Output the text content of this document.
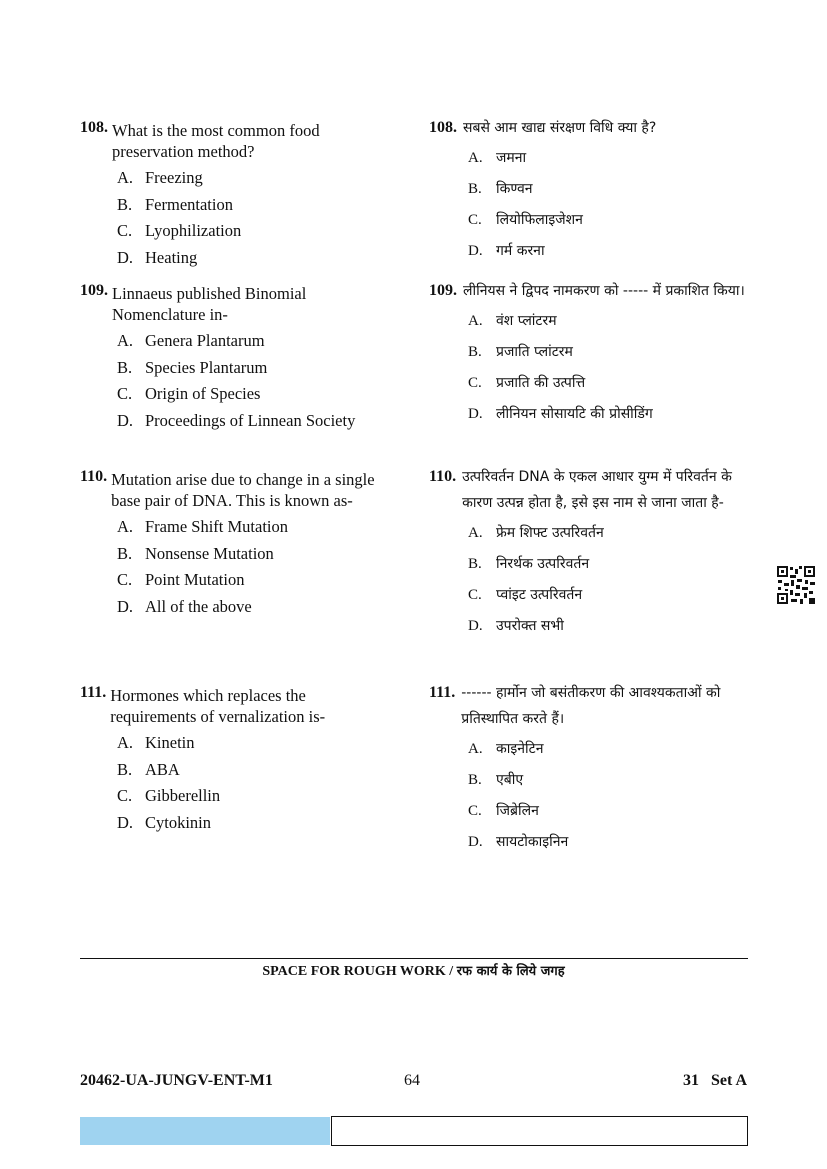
108. What is the most common food preservation method?
A. Freezing
B. Fermentation
C. Lyophilization
D. Heating
108. सबसे आम खाद्य संरक्षण विधि क्या है?
A. जमना
B.	किण्वन
C.	लियोफिलाइजेशन
D. गर्म करना
109. Linnaeus published Binomial Nomenclature in-
A. Genera Plantarum
B. Species Plantarum
C. Origin of Species
D. Proceedings of Linnean Society
109. लीनियस ने द्विपद नामकरण को ----- में प्रकाशित किया।
A. वंश प्लांटरम
B.	प्रजाति प्लांटरम
C.	प्रजाति की उत्पत्ति
D. लीनियन सोसायटि की प्रोसीडिंग
110. Mutation arise due to change in a single base pair of DNA. This is known as-
A. Frame Shift Mutation
B. Nonsense Mutation
C. Point Mutation
D. All of the above
110. उत्परिवर्तन DNA के एकल आधार युग्म में परिवर्तन के कारण उत्पन्न होता है, इसे इस नाम से जाना जाता है-
A. फ्रेम शिफ्ट उत्परिवर्तन
B.	निरर्थक उत्परिवर्तन
C.	प्वांइट उत्परिवर्तन
D. उपरोक्त सभी
111. Hormones which replaces the requirements of vernalization is-
A. Kinetin
B. ABA
C. Gibberellin
D. Cytokinin
111. ------ हार्मोन जो बसंतीकरण की आवश्यकताओं को प्रतिस्थापित करते हैं।
A. काइनेटिन
B.	एबीए
C.	जिब्रेलिन
D. सायटोकाइनिन
SPACE FOR ROUGH WORK / रफ कार्य के लिये जगह
20462-UA-JUNGV-ENT-M1	64	31   Set A
